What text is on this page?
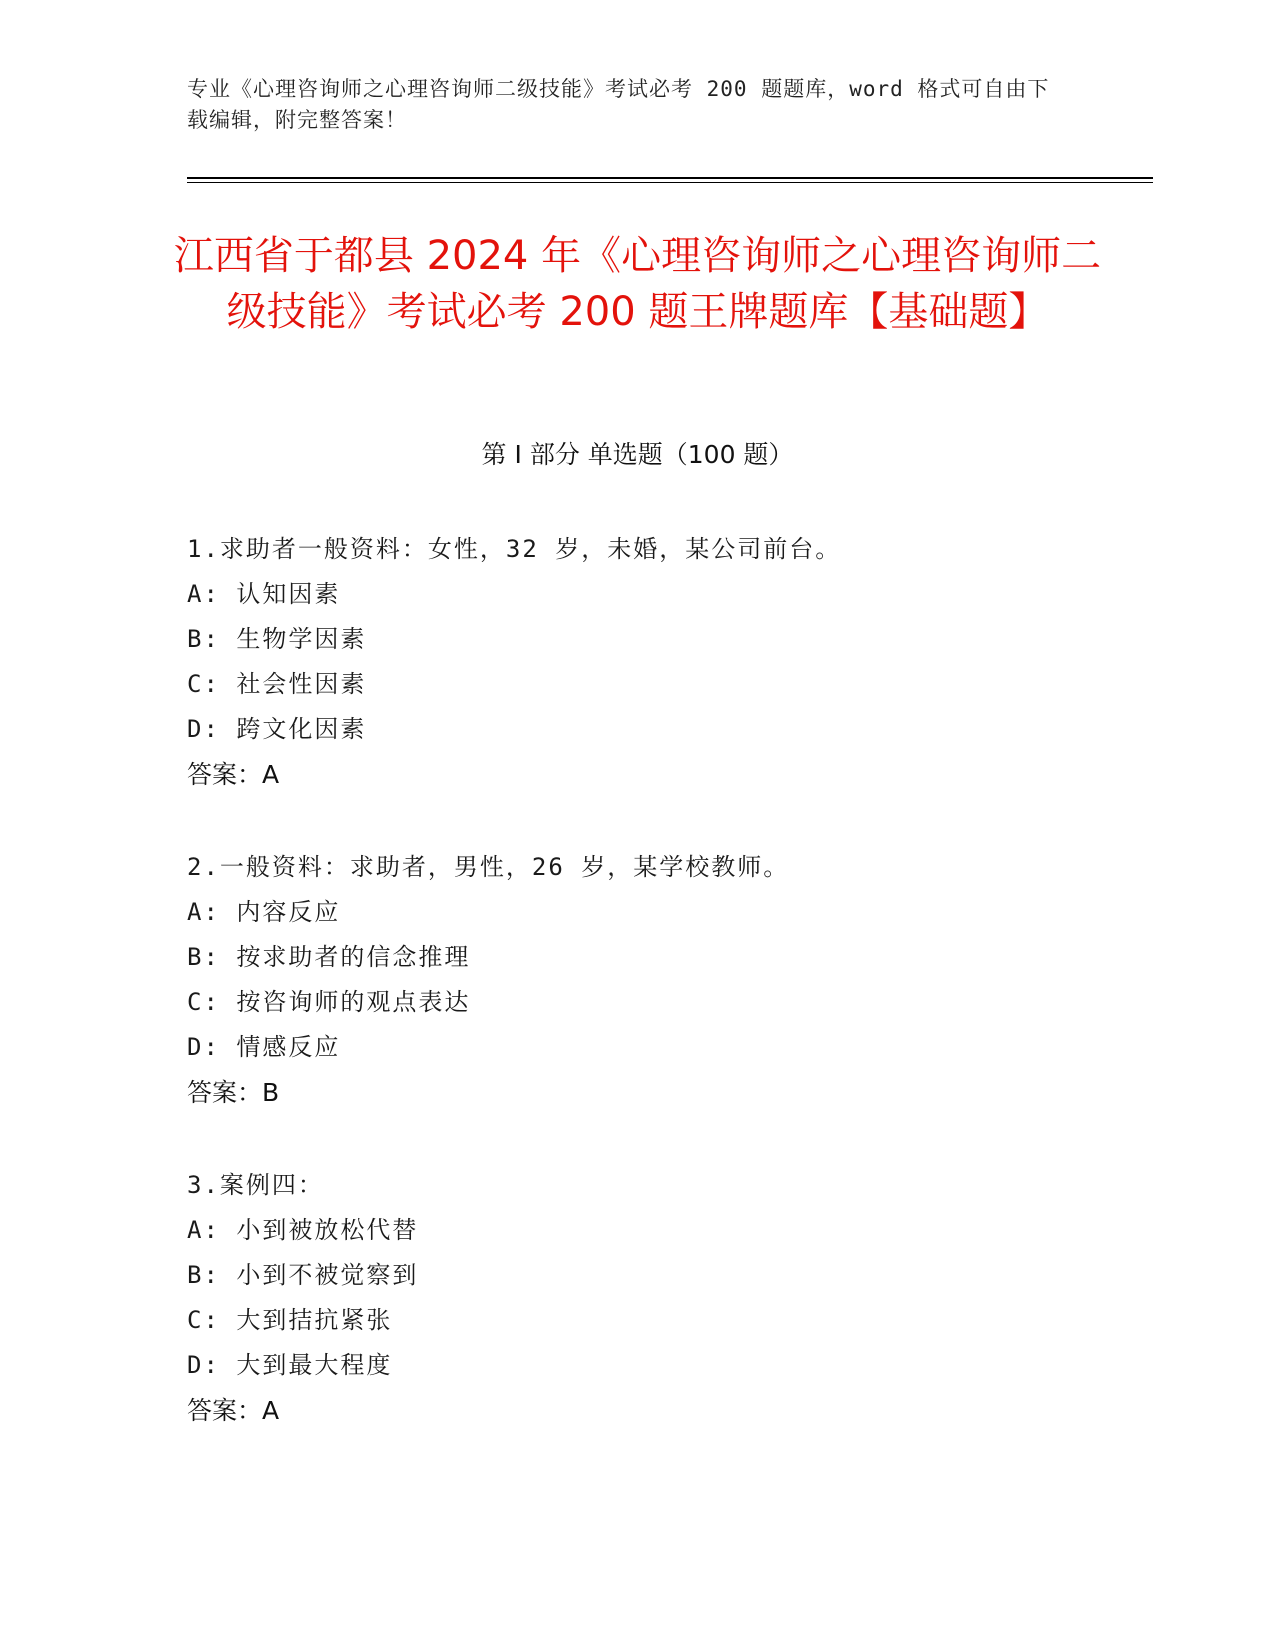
专业《心理咨询师之心理咨询师二级技能》考试必考 200 题题库，word 格式可自由下载编辑，附完整答案！
江西省于都县 2024 年《心理咨询师之心理咨询师二级技能》考试必考 200 题王牌题库【基础题】
第 I 部分 单选题（100 题）
1.求助者一般资料：女性，32 岁，未婚，某公司前台。
A: 认知因素
B: 生物学因素
C: 社会性因素
D: 跨文化因素
答案：A
2.一般资料：求助者，男性，26 岁，某学校教师。
A: 内容反应
B: 按求助者的信念推理
C: 按咨询师的观点表达
D: 情感反应
答案：B
3.案例四：
A: 小到被放松代替
B: 小到不被觉察到
C: 大到拮抗紧张
D: 大到最大程度
答案：A
